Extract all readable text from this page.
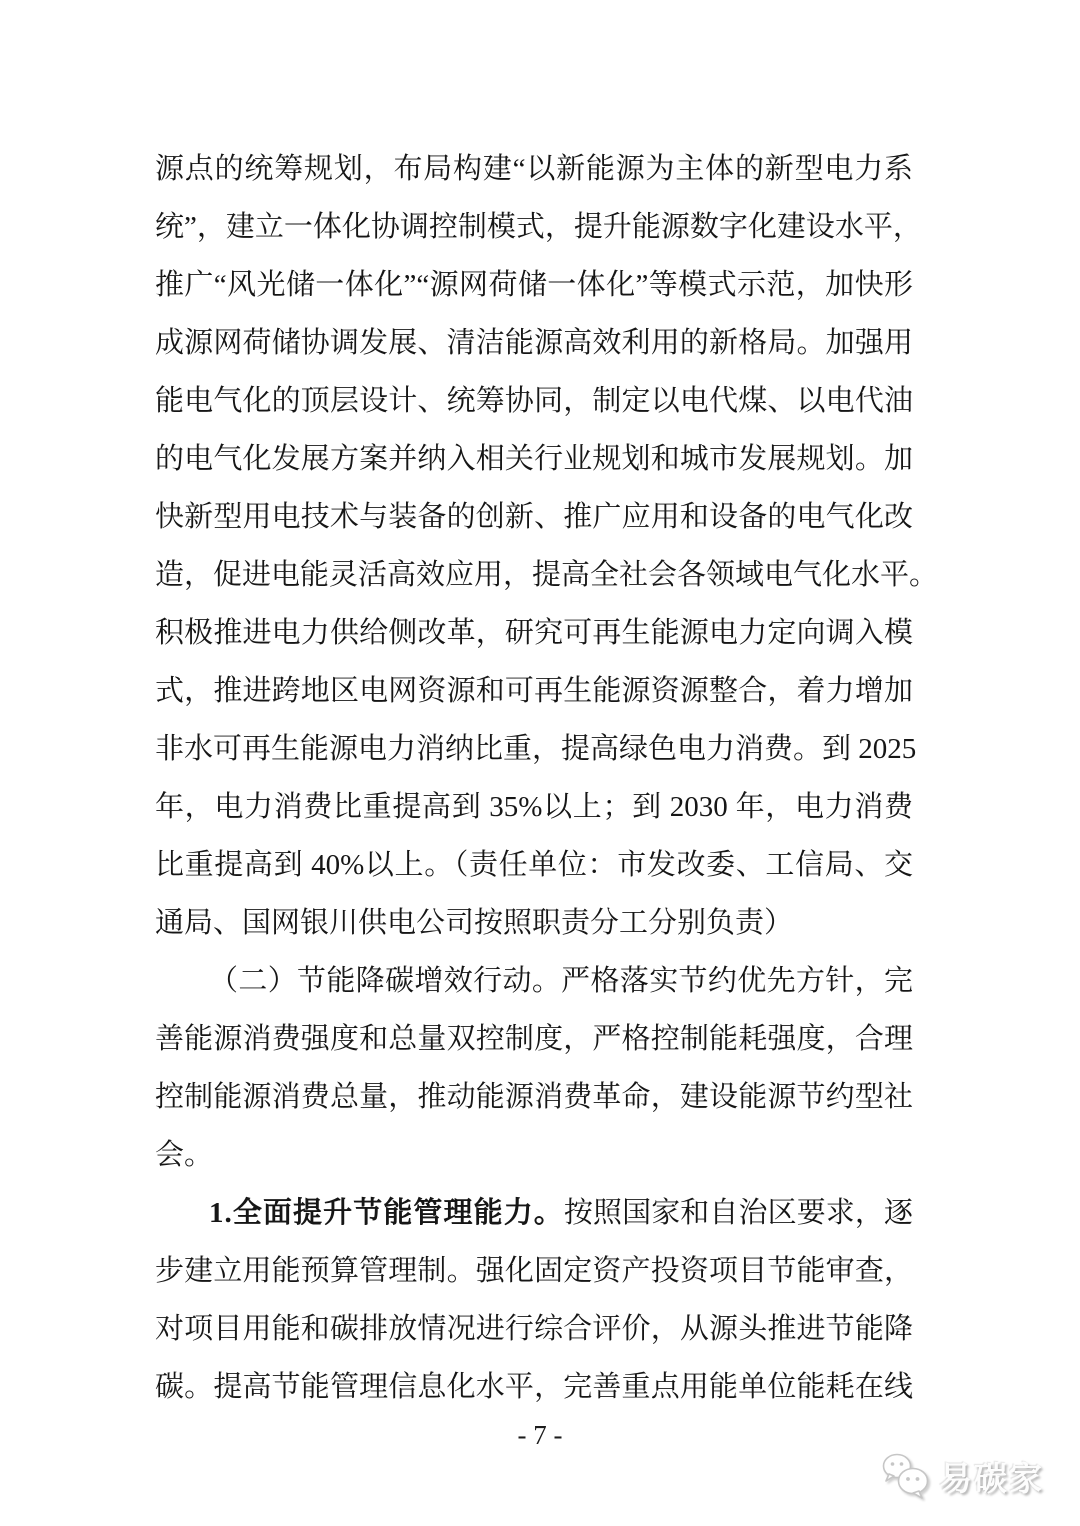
源点的统筹规划，布局构建“以新能源为主体的新型电力系
统”，建立一体化协调控制模式，提升能源数字化建设水平，
推广“风光储一体化”“源网荷储一体化”等模式示范，加快形
成源网荷储协调发展、清洁能源高效利用的新格局。加强用
能电气化的顶层设计、统筹协同，制定以电代煤、以电代油
的电气化发展方案并纳入相关行业规划和城市发展规划。加
快新型用电技术与装备的创新、推广应用和设备的电气化改
造，促进电能灵活高效应用，提高全社会各领域电气化水平。
积极推进电力供给侧改革，研究可再生能源电力定向调入模
式，推进跨地区电网资源和可再生能源资源整合，着力增加
非水可再生能源电力消纳比重，提高绿色电力消费。到 2025
年，电力消费比重提高到 35%以上；到 2030 年，电力消费
比重提高到 40%以上。（责任单位：市发改委、工信局、交
通局、国网银川供电公司按照职责分工分别负责）
（二）节能降碳增效行动。严格落实节约优先方针，完
善能源消费强度和总量双控制度，严格控制能耗强度，合理
控制能源消费总量，推动能源消费革命，建设能源节约型社
会。
1.全面提升节能管理能力。按照国家和自治区要求，逐
步建立用能预算管理制。强化固定资产投资项目节能审查，
对项目用能和碳排放情况进行综合评价，从源头推进节能降
碳。提高节能管理信息化水平，完善重点用能单位能耗在线
- 7 -
易碳家
